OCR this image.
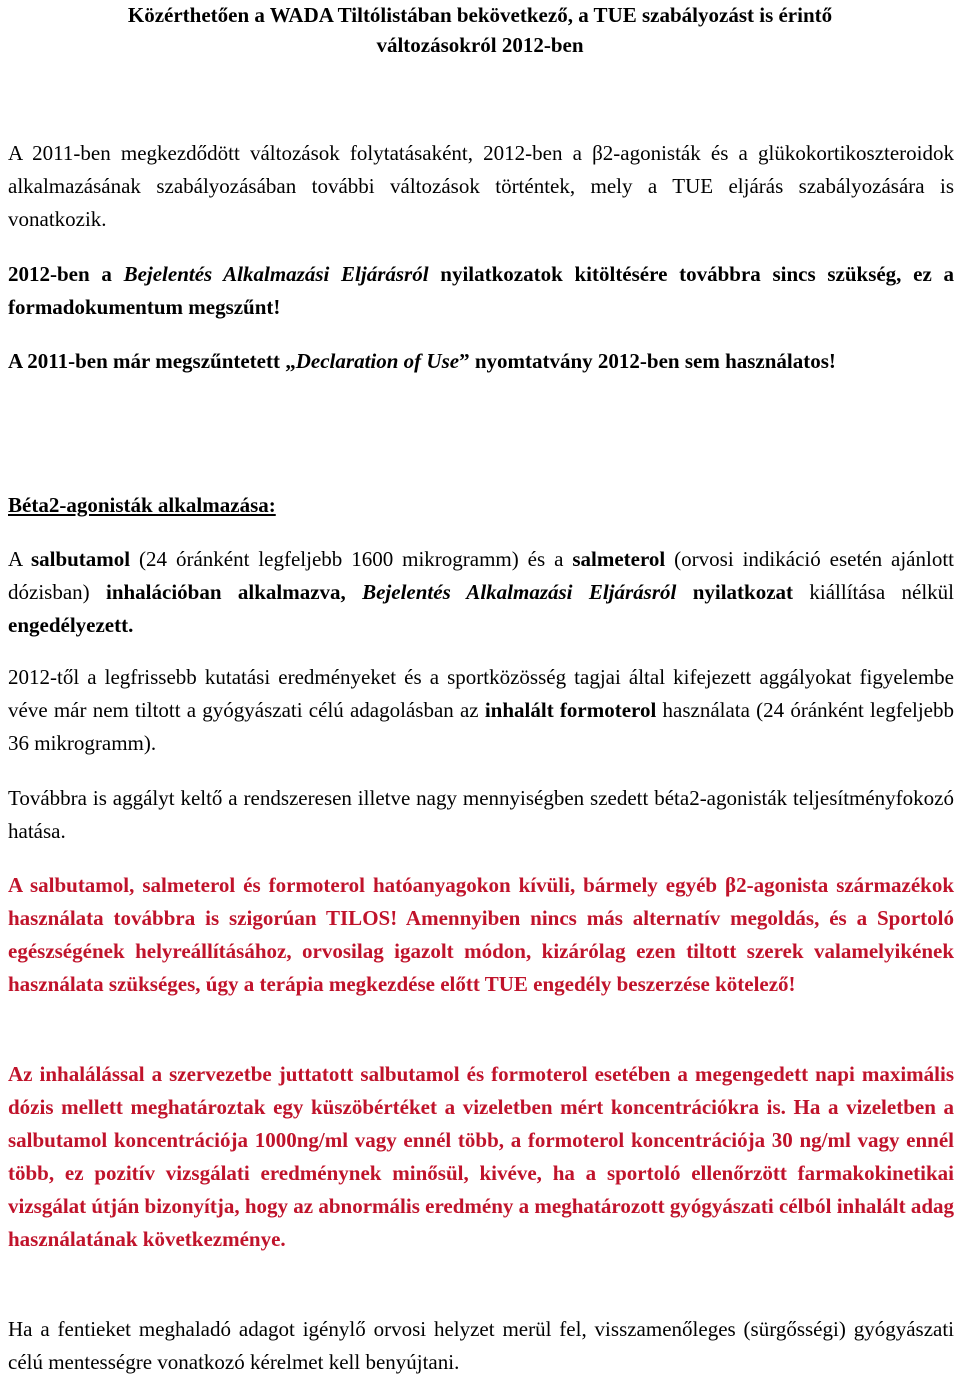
Közérthetően a WADA Tiltólistában bekövetkező, a TUE szabályozást is érintő
változásokról 2012-ben
A 2011-ben megkezdődött változások folytatásaként, 2012-ben a β2-agonisták és a glükokortikoszteroidok alkalmazásának szabályozásában további változások történtek, mely a TUE eljárás szabályozására is vonatkozik.
2012-ben a Bejelentés Alkalmazási Eljárásról nyilatkozatok kitöltésére továbbra sincs szükség, ez a formadokumentum megszűnt!
A 2011-ben már megszűntetett „Declaration of Use” nyomtatvány 2012-ben sem használatos!
Béta2-agonisták alkalmazása:
A salbutamol (24 óránként legfeljebb 1600 mikrogramm) és a salmeterol (orvosi indikáció esetén ajánlott dózisban) inhalációban alkalmazva, Bejelentés Alkalmazási Eljárásról nyilatkozat kiállítása nélkül engedélyezett.
2012-től a legfrissebb kutatási eredményeket és a sportközösség tagjai által kifejezett aggályokat figyelembe véve már nem tiltott a gyógyászati célú adagolásban az inhalált formoterol használata (24 óránként legfeljebb 36 mikrogramm).
Továbbra is aggályt keltő a rendszeresen illetve nagy mennyiségben szedett béta2-agonisták teljesítményfokozó hatása.
A salbutamol, salmeterol és formoterol hatóanyagokon kívüli, bármely egyéb β2-agonista származékok használata továbbra is szigorúan TILOS! Amennyiben nincs más alternatív megoldás, és a Sportoló egészségének helyreállításához, orvosilag igazolt módon, kizárólag ezen tiltott szerek valamelyikének használata szükséges, úgy a terápia megkezdése előtt TUE engedély beszerzése kötelező!
Az inhalálással a szervezetbe juttatott salbutamol és formoterol esetében a megengedett napi maximális dózis mellett meghatároztak egy küszöbértéket a vizeletben mért koncentrációkra is. Ha a vizeletben a salbutamol koncentrációja 1000ng/ml vagy ennél több, a formoterol koncentrációja 30 ng/ml vagy ennél több, ez pozitív vizsgálati eredménynek minősül, kivéve, ha a sportoló ellenőrzött farmakokinetikai vizsgálat útján bizonyítja, hogy az abnormális eredmény a meghatározott gyógyászati célból inhalált adag használatának következménye.
Ha a fentieket meghaladó adagot igénylő orvosi helyzet merül fel, visszamenőleges (sürgősségi) gyógyászati célú mentességre vonatkozó kérelmet kell benyújtani.
